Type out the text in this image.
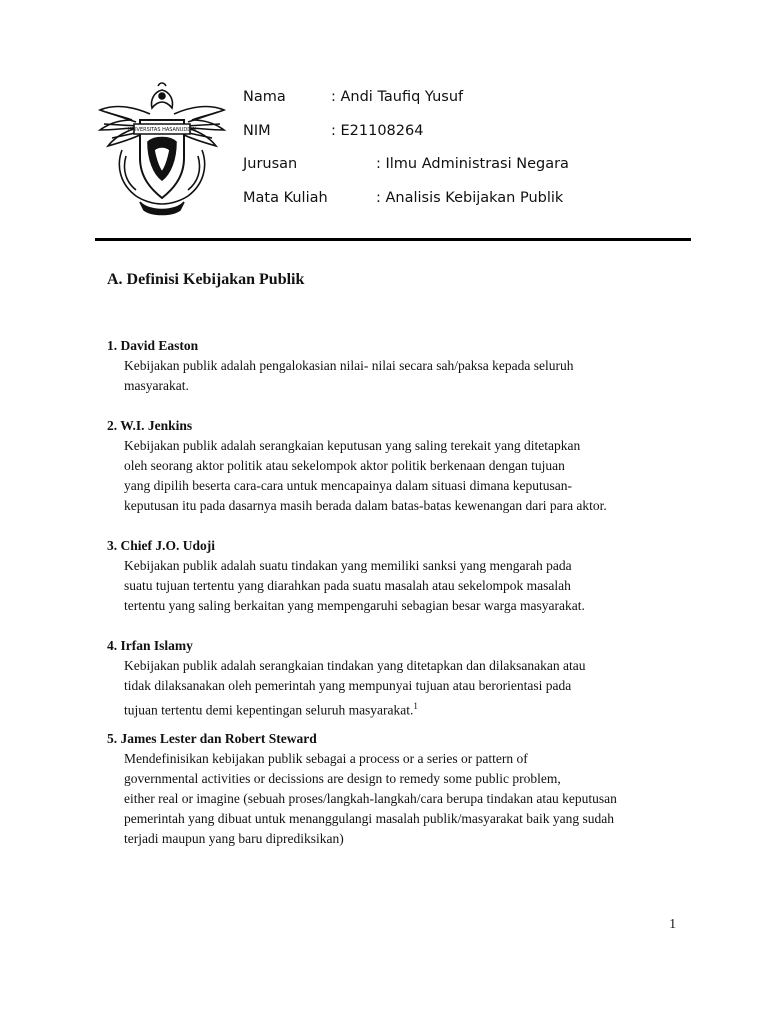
UNIVERSITAS HASANUDDIN
Nama	: Andi Taufiq Yusuf
NIM	: E21108264
Jurusan	: Ilmu Administrasi Negara
Mata Kuliah	: Analisis Kebijakan Publik
A. Definisi Kebijakan Publik

1. David Easton

Kebijakan publik adalah pengalokasian nilai- nilai secara sah/paksa kepada seluruh
masyarakat.

2. W.I. Jenkins

Kebijakan publik adalah serangkaian keputusan yang saling terekait yang ditetapkan
oleh seorang aktor politik atau sekelompok aktor politik berkenaan dengan tujuan
yang dipilih beserta cara-cara untuk mencapainya dalam situasi dimana keputusan-
keputusan itu pada dasarnya masih berada dalam batas-batas kewenangan dari para aktor.

3. Chief J.O. Udoji

Kebijakan publik adalah suatu tindakan yang memiliki sanksi yang mengarah pada
suatu tujuan tertentu yang diarahkan pada suatu masalah atau sekelompok masalah
tertentu yang saling berkaitan yang mempengaruhi sebagian besar warga masyarakat.

4. Irfan Islamy

Kebijakan publik adalah serangkaian tindakan yang ditetapkan dan dilaksanakan atau
tidak dilaksanakan oleh pemerintah yang mempunyai tujuan atau berorientasi pada
tujuan tertentu demi kepentingan seluruh masyarakat.$^1$

5. James Lester dan Robert Steward

Mendefinisikan kebijakan publik sebagai a process or a series or pattern of
governmental activities or decissions are design to remedy some public problem,
either real or imagine (sebuah proses/langkah-langkah/cara berupa tindakan atau keputusan
pemerintah yang dibuat untuk menanggulangi masalah publik/masyarakat baik yang sudah
terjadi maupun yang baru diprediksikan)

1
